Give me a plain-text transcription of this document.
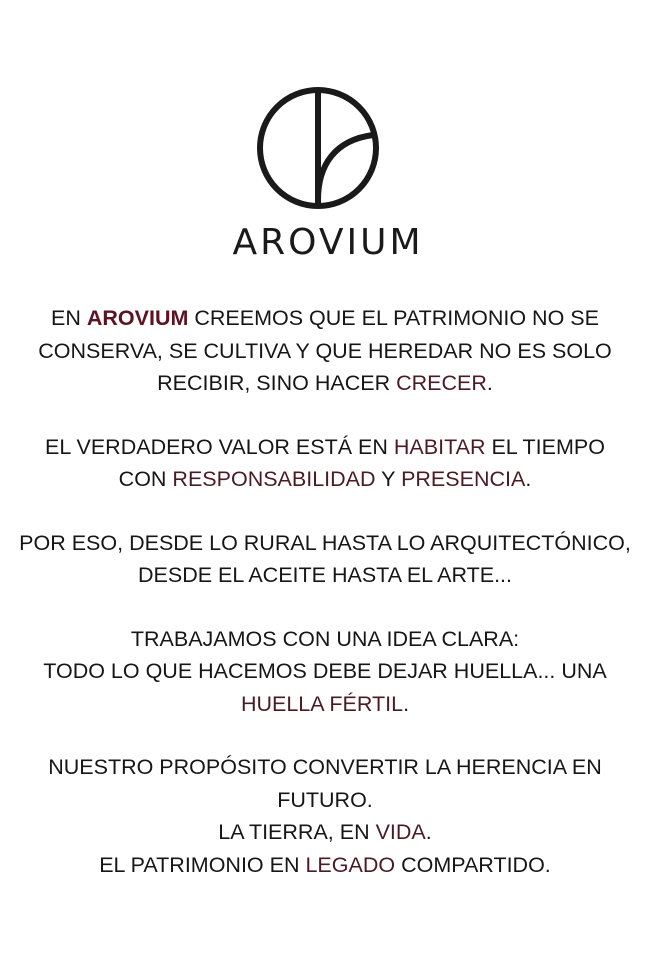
AROVIUM
EN AROVIUM CREEMOS QUE EL PATRIMONIO NO SE
CONSERVA, SE CULTIVA Y QUE HEREDAR NO ES SOLO
RECIBIR, SINO HACER CRECER.
EL VERDADERO VALOR ESTÁ EN HABITAR EL TIEMPO
CON RESPONSABILIDAD Y PRESENCIA.
POR ESO, DESDE LO RURAL HASTA LO ARQUITECTÓNICO,
DESDE EL ACEITE HASTA EL ARTE...
TRABAJAMOS CON UNA IDEA CLARA:
TODO LO QUE HACEMOS DEBE DEJAR HUELLA... UNA
HUELLA FÉRTIL.
NUESTRO PROPÓSITO CONVERTIR LA HERENCIA EN
FUTURO.
LA TIERRA, EN VIDA.
EL PATRIMONIO EN LEGADO COMPARTIDO.
